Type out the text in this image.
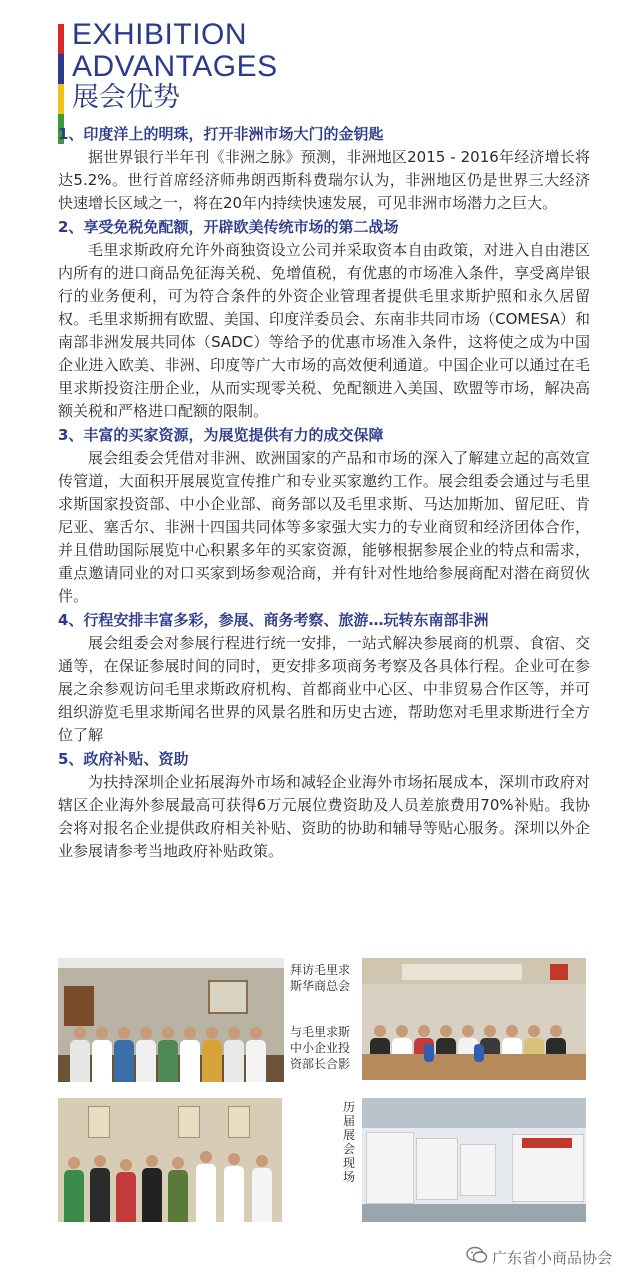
EXHIBITION
ADVANTAGES
展会优势
1、印度洋上的明珠，打开非洲市场大门的金钥匙
据世界银行半年刊《非洲之脉》预测，非洲地区2015 - 2016年经济增长将达5.2%。世行首席经济师弗朗西斯科费瑞尔认为，非洲地区仍是世界三大经济快速增长区域之一，将在20年内持续快速发展，可见非洲市场潜力之巨大。
2、享受免税免配额，开辟欧美传统市场的第二战场
毛里求斯政府允许外商独资设立公司并采取资本自由政策，对进入自由港区内所有的进口商品免征海关税、免增值税，有优惠的市场准入条件，享受离岸银行的业务便利，可为符合条件的外资企业管理者提供毛里求斯护照和永久居留权。毛里求斯拥有欧盟、美国、印度洋委员会、东南非共同市场（COMESA）和南部非洲发展共同体（SADC）等给予的优惠市场准入条件，这将使之成为中国企业进入欧美、非洲、印度等广大市场的高效便利通道。中国企业可以通过在毛里求斯投资注册企业，从而实现零关税、免配额进入美国、欧盟等市场，解决高额关税和严格进口配额的限制。
3、丰富的买家资源，为展览提供有力的成交保障
展会组委会凭借对非洲、欧洲国家的产品和市场的深入了解建立起的高效宣传管道，大面积开展展览宣传推广和专业买家邀约工作。展会组委会通过与毛里求斯国家投资部、中小企业部、商务部以及毛里求斯、马达加斯加、留尼旺、肯尼亚、塞舌尔、非洲十四国共同体等多家强大实力的专业商贸和经济团体合作，并且借助国际展览中心积累多年的买家资源，能够根据参展企业的特点和需求，重点邀请同业的对口买家到场参观洽商，并有针对性地给参展商配对潜在商贸伙伴。
4、行程安排丰富多彩，参展、商务考察、旅游…玩转东南部非洲
展会组委会对参展行程进行统一安排，一站式解决参展商的机票、食宿、交通等，在保证参展时间的同时，更安排多项商务考察及各具体行程。企业可在参展之余参观访问毛里求斯政府机构、首都商业中心区、中非贸易合作区等，并可组织游览毛里求斯闻名世界的风景名胜和历史古迹，帮助您对毛里求斯进行全方位了解
5、政府补贴、资助
为扶持深圳企业拓展海外市场和减轻企业海外市场拓展成本，深圳市政府对辖区企业海外参展最高可获得6万元展位费资助及人员差旅费用70%补贴。我协会将对报名企业提供政府相关补贴、资助的协助和辅导等贴心服务。深圳以外企业参展请参考当地政府补贴政策。
拜访毛里求斯华商总会
与毛里求斯中小企业投资部长合影
历届展会现场
广东省小商品协会
